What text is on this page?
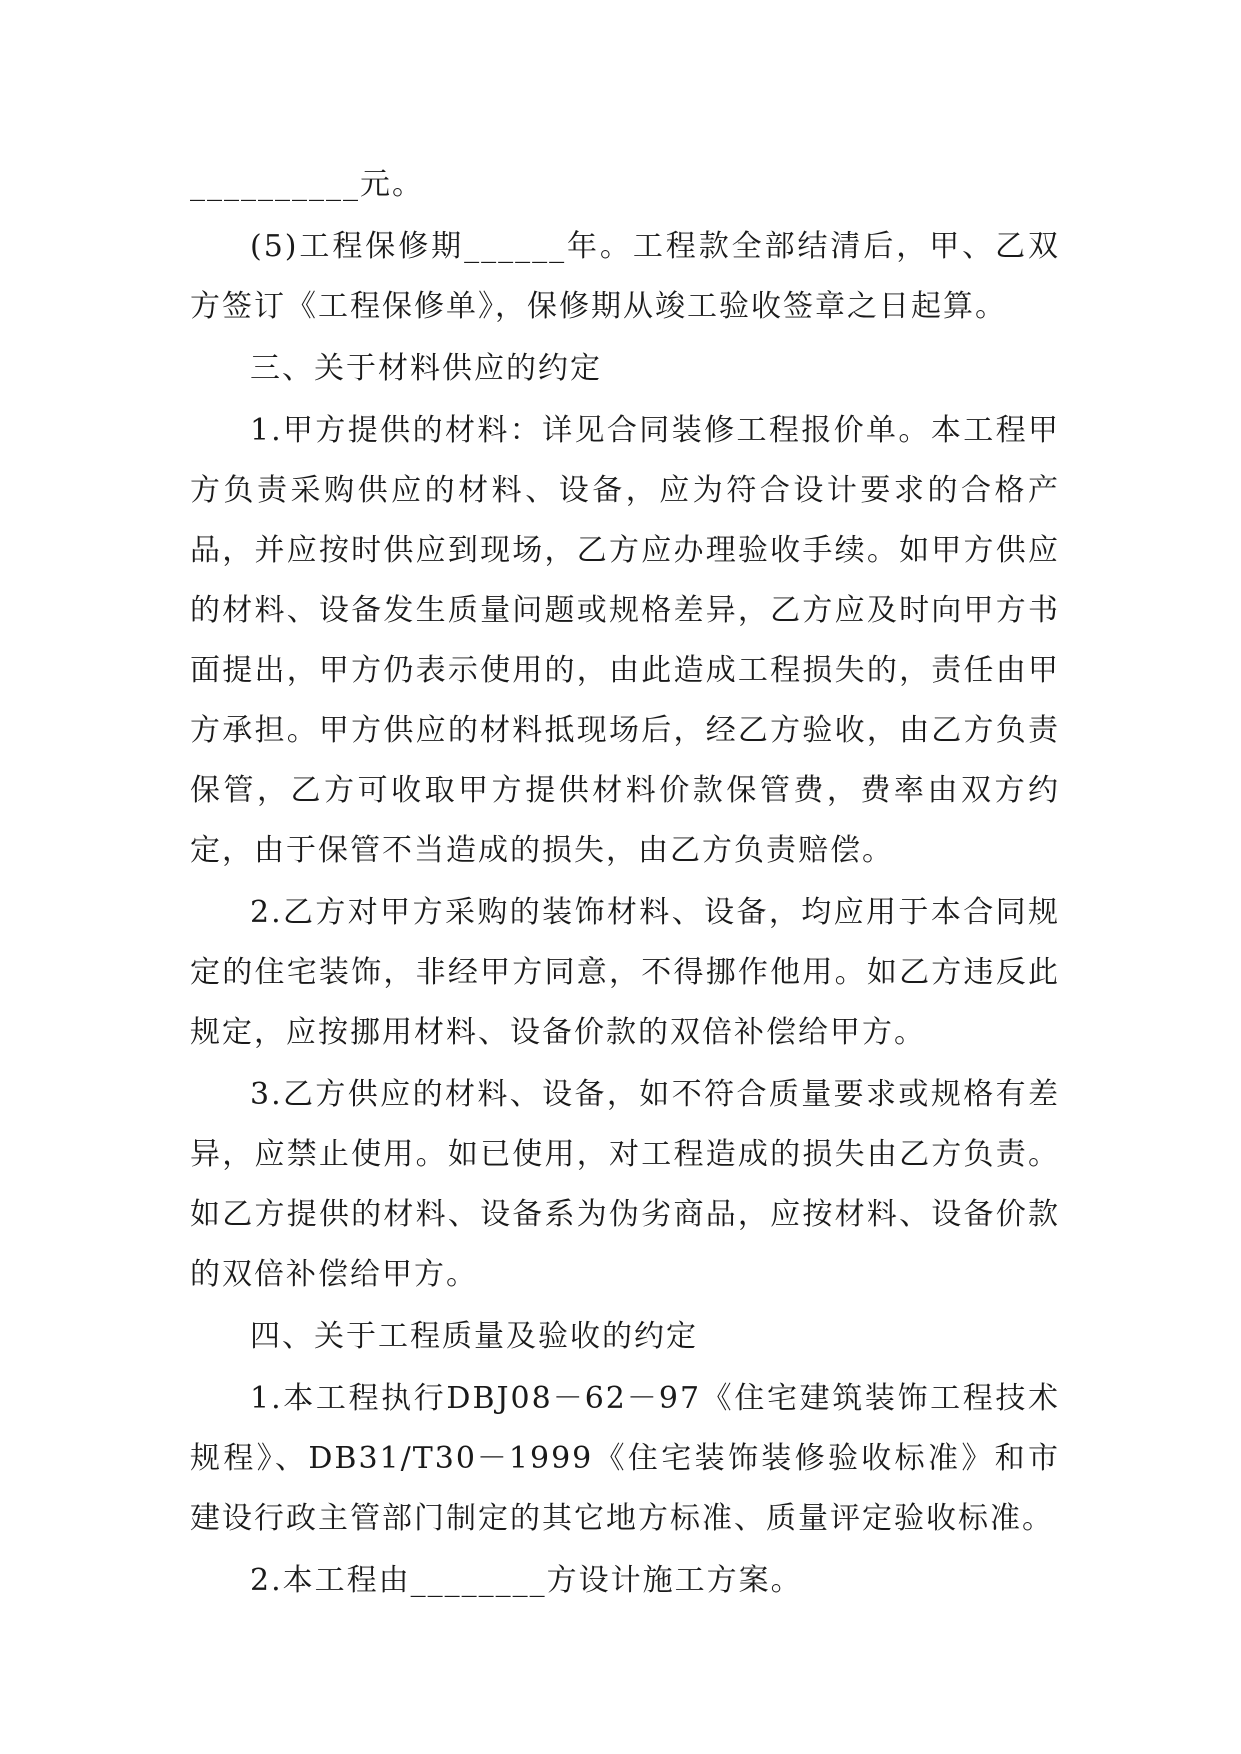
__________元。

(5)工程保修期______年。工程款全部结清后，甲、乙双方签订《工程保修单》，保修期从竣工验收签章之日起算。

三、关于材料供应的约定

1.甲方提供的材料：详见合同装修工程报价单。本工程甲方负责采购供应的材料、设备，应为符合设计要求的合格产品，并应按时供应到现场，乙方应办理验收手续。如甲方供应的材料、设备发生质量问题或规格差异，乙方应及时向甲方书面提出，甲方仍表示使用的，由此造成工程损失的，责任由甲方承担。甲方供应的材料抵现场后，经乙方验收，由乙方负责保管，乙方可收取甲方提供材料价款保管费，费率由双方约定，由于保管不当造成的损失，由乙方负责赔偿。

2.乙方对甲方采购的装饰材料、设备，均应用于本合同规定的住宅装饰，非经甲方同意，不得挪作他用。如乙方违反此规定，应按挪用材料、设备价款的双倍补偿给甲方。

3.乙方供应的材料、设备，如不符合质量要求或规格有差异，应禁止使用。如已使用，对工程造成的损失由乙方负责。如乙方提供的材料、设备系为伪劣商品，应按材料、设备价款的双倍补偿给甲方。

四、关于工程质量及验收的约定

1.本工程执行DBJ08－62－97《住宅建筑装饰工程技术规程》、DB31/T30－1999《住宅装饰装修验收标准》和市建设行政主管部门制定的其它地方标准、质量评定验收标准。

2.本工程由________方设计施工方案。
